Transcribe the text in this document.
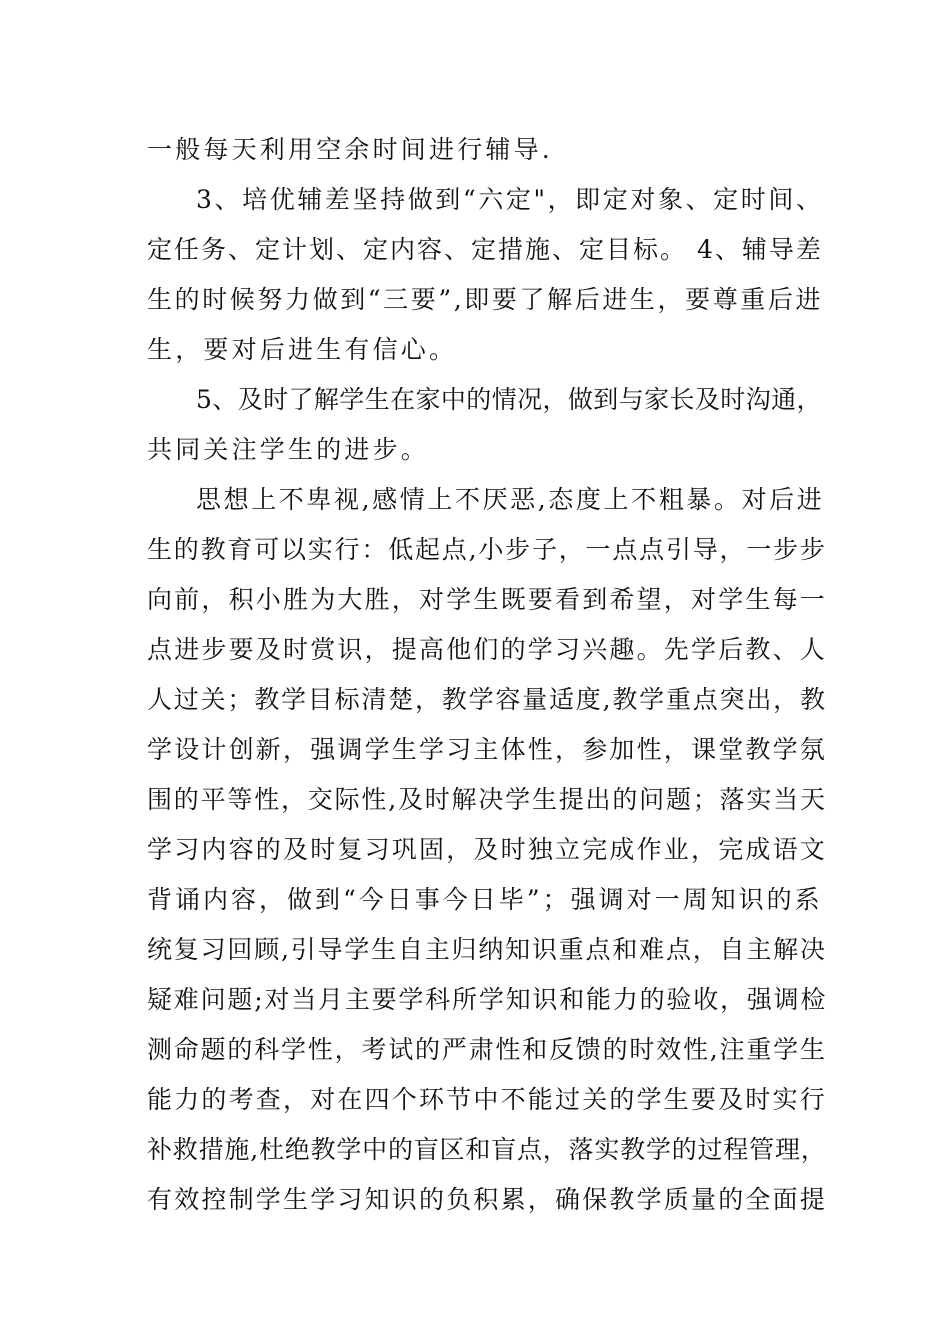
一般每天利用空余时间进行辅导.
3、培优辅差坚持做到“六定"，即定对象、定时间、
定任务、定计划、定内容、定措施、定目标。 4、辅导差
生的时候努力做到“三要”,即要了解后进生，要尊重后进
生，要对后进生有信心。
5、及时了解学生在家中的情况，做到与家长及时沟通，
共同关注学生的进步。
思想上不卑视,感情上不厌恶,态度上不粗暴。对后进
生的教育可以实行：低起点,小步子，一点点引导，一步步
向前，积小胜为大胜，对学生既要看到希望，对学生每一
点进步要及时赏识，提高他们的学习兴趣。先学后教、人
人过关；教学目标清楚，教学容量适度,教学重点突出，教
学设计创新，强调学生学习主体性，参加性，课堂教学氛
围的平等性，交际性,及时解决学生提出的问题；落实当天
学习内容的及时复习巩固，及时独立完成作业，完成语文
背诵内容，做到“今日事今日毕”；强调对一周知识的系
统复习回顾,引导学生自主归纳知识重点和难点，自主解决
疑难问题;对当月主要学科所学知识和能力的验收，强调检
测命题的科学性，考试的严肃性和反馈的时效性,注重学生
能力的考查，对在四个环节中不能过关的学生要及时实行
补救措施,杜绝教学中的盲区和盲点，落实教学的过程管理，
有效控制学生学习知识的负积累，确保教学质量的全面提
